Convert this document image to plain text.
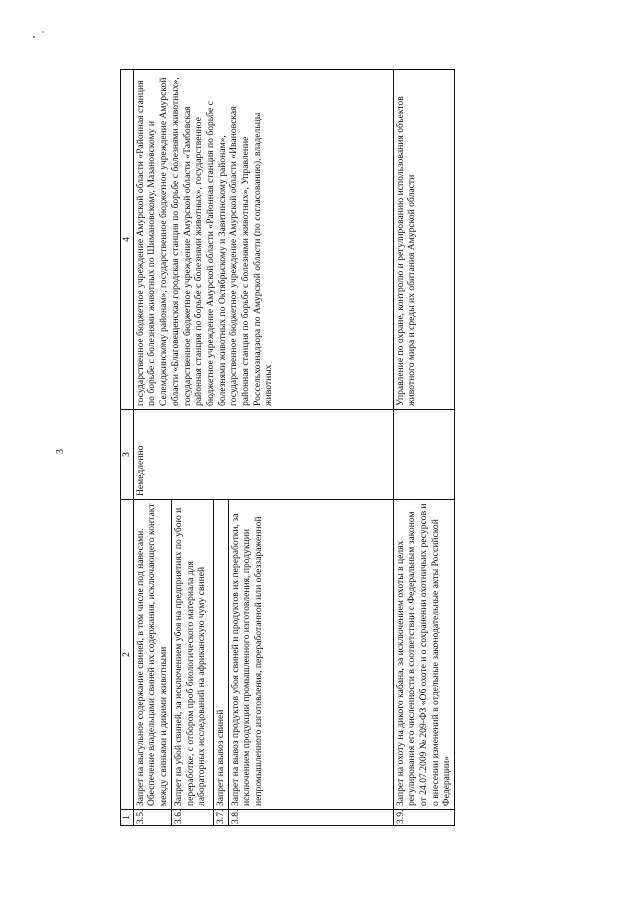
3
1	2	3	4
3.5.	Запрет на выгульное содержание свиней, в том числе под навесами. Обеспечение владельцами свиней их содержания, исключающего контакт между свиньями и дикими животными	Немедленно	государственное бюджетное учреждение Амурской области «Районная станция по борьбе с болезнями животных по Шимановскому, Мазановскому и Селемджинскому районам», государственное бюджетное учреждение Амурской области «Благовещенская городская станция по борьбе с болезнями животных», государственное бюджетное учреждение Амурской области «Тамбовская районная станция по борьбе с болезнями животных», государственное бюджетное учреждение Амурской области «Районная станция по борьбе с болезнями животных по Октябрьскому и Завитинскому районам», государственное бюджетное учреждение Амурской области «Ивановская районная станция по борьбе с болезнями животных», Управление Россельхознадзора по Амурской области (по согласованию), владельцы животных
3.6.	Запрет на убой свиней, за исключением убоя на предприятиях по убою и переработке, с отбором проб биологического материала для лабораторных исследований на африканскую чуму свиней		
3.7.	Запрет на вывоз свиней		
3.8.	Запрет на вывоз продуктов убоя свиней и продуктов их переработки, за исключением продукции промышленного изготовления, продукции непромышленного изготовления, переработанной или обеззараженной		
3.9.	Запрет на охоту на дикого кабана, за исключением охоты в целях регулирования его численности в соответствии с Федеральным законом от 24.07.2009 № 209-ФЗ «Об охоте и о сохранении охотничьих ресурсов и о внесении изменений в отдельные законодательные акты Российской Федерации»		Управление по охране, контролю и регулированию использования объектов животного мира и среды их обитания Амурской области
